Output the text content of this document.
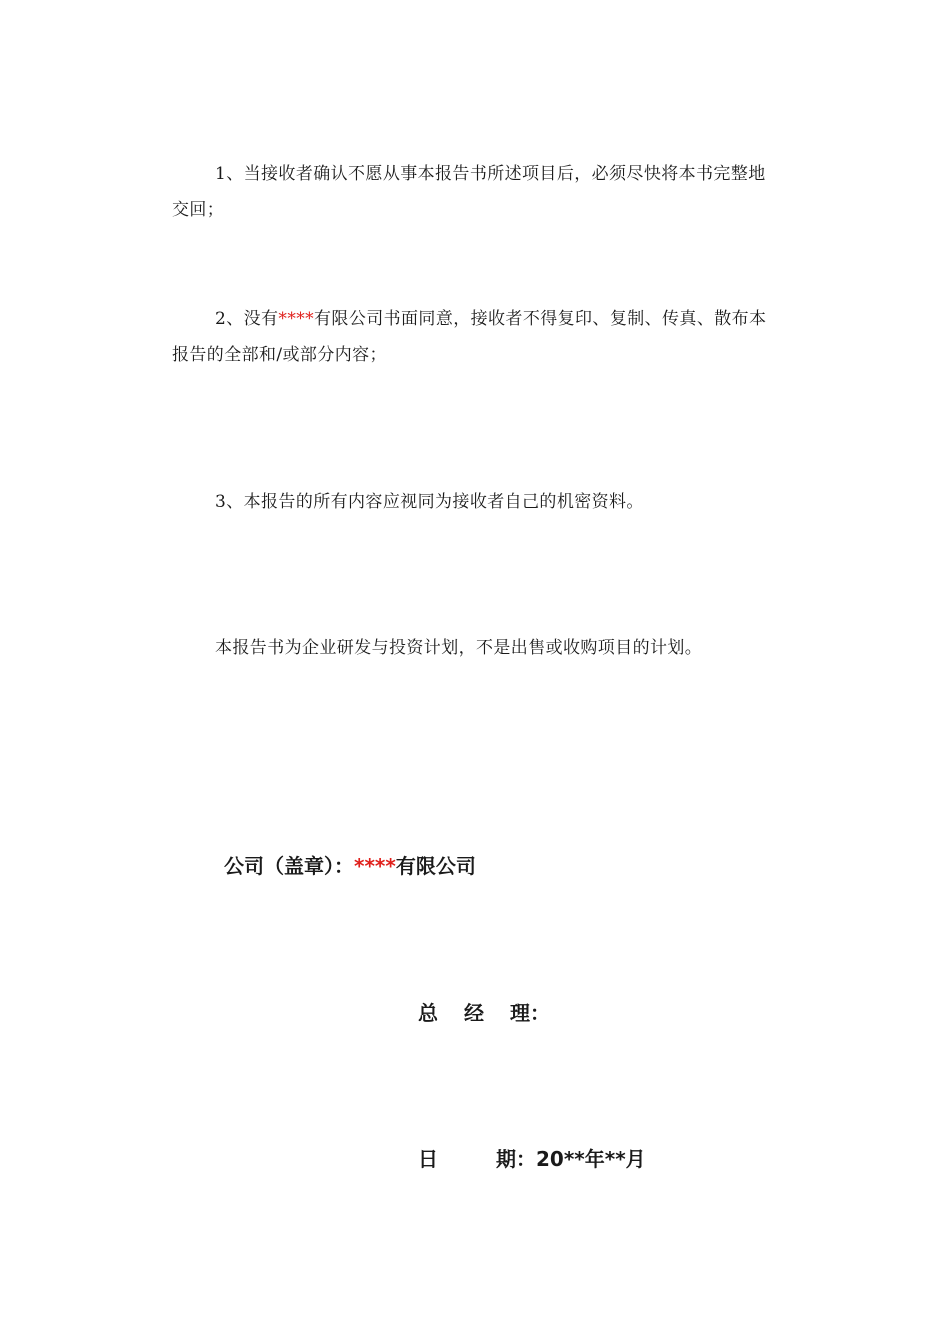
1、当接收者确认不愿从事本报告书所述项目后，必须尽快将本书完整地交回；

2、没有****有限公司书面同意，接收者不得复印、复制、传真、散布本报告的全部和/或部分内容；

3、本报告的所有内容应视同为接收者自己的机密资料。

本报告书为企业研发与投资计划，不是出售或收购项目的计划。

公司（盖章）：****有限公司

总 经 理：

日	期：20**年**月
